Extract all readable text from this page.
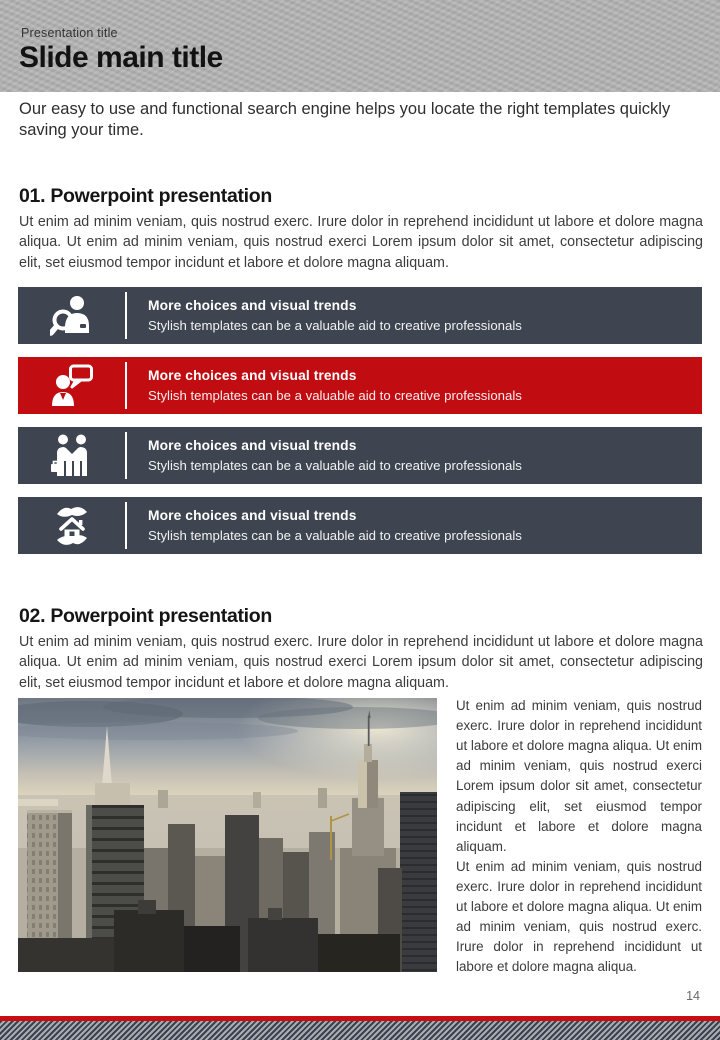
Presentation title
Slide main title
Our easy to use and functional search engine helps you locate the right templates quickly saving your time.
01. Powerpoint presentation
Ut enim ad minim veniam, quis nostrud exerc. Irure dolor in reprehend incididunt ut labore et dolore magna aliqua. Ut enim ad minim veniam, quis nostrud exerci Lorem ipsum dolor sit amet, consectetur adipiscing elit, set eiusmod tempor incidunt et labore et dolore magna aliquam.
More choices and visual trends
Stylish templates can be a valuable aid to creative professionals
More choices and visual trends
Stylish templates can be a valuable aid to creative professionals
More choices and visual trends
Stylish templates can be a valuable aid to creative professionals
More choices and visual trends
Stylish templates can be a valuable aid to creative professionals
02. Powerpoint presentation
Ut enim ad minim veniam, quis nostrud exerc. Irure dolor in reprehend incididunt ut labore et dolore magna aliqua. Ut enim ad minim veniam, quis nostrud exerci Lorem ipsum dolor sit amet, consectetur adipiscing elit, set eiusmod tempor incidunt et labore et dolore magna aliquam.

Ut enim ad minim veniam, quis nostrud exerc. Irure dolor in reprehend incididunt ut labore et dolore magna aliqua. Ut enim ad minim veniam, quis nostrud exerci Lorem ipsum dolor sit amet, consectetur adipiscing elit, set eiusmod tempor incidunt et labore et dolore magna aliquam.

Ut enim ad minim veniam, quis nostrud exerc. Irure dolor in reprehend incididunt ut labore et dolore magna aliqua. Ut enim ad minim veniam, quis nostrud exerc. Irure dolor in reprehend incididunt ut labore et dolore magna aliqua.

14
